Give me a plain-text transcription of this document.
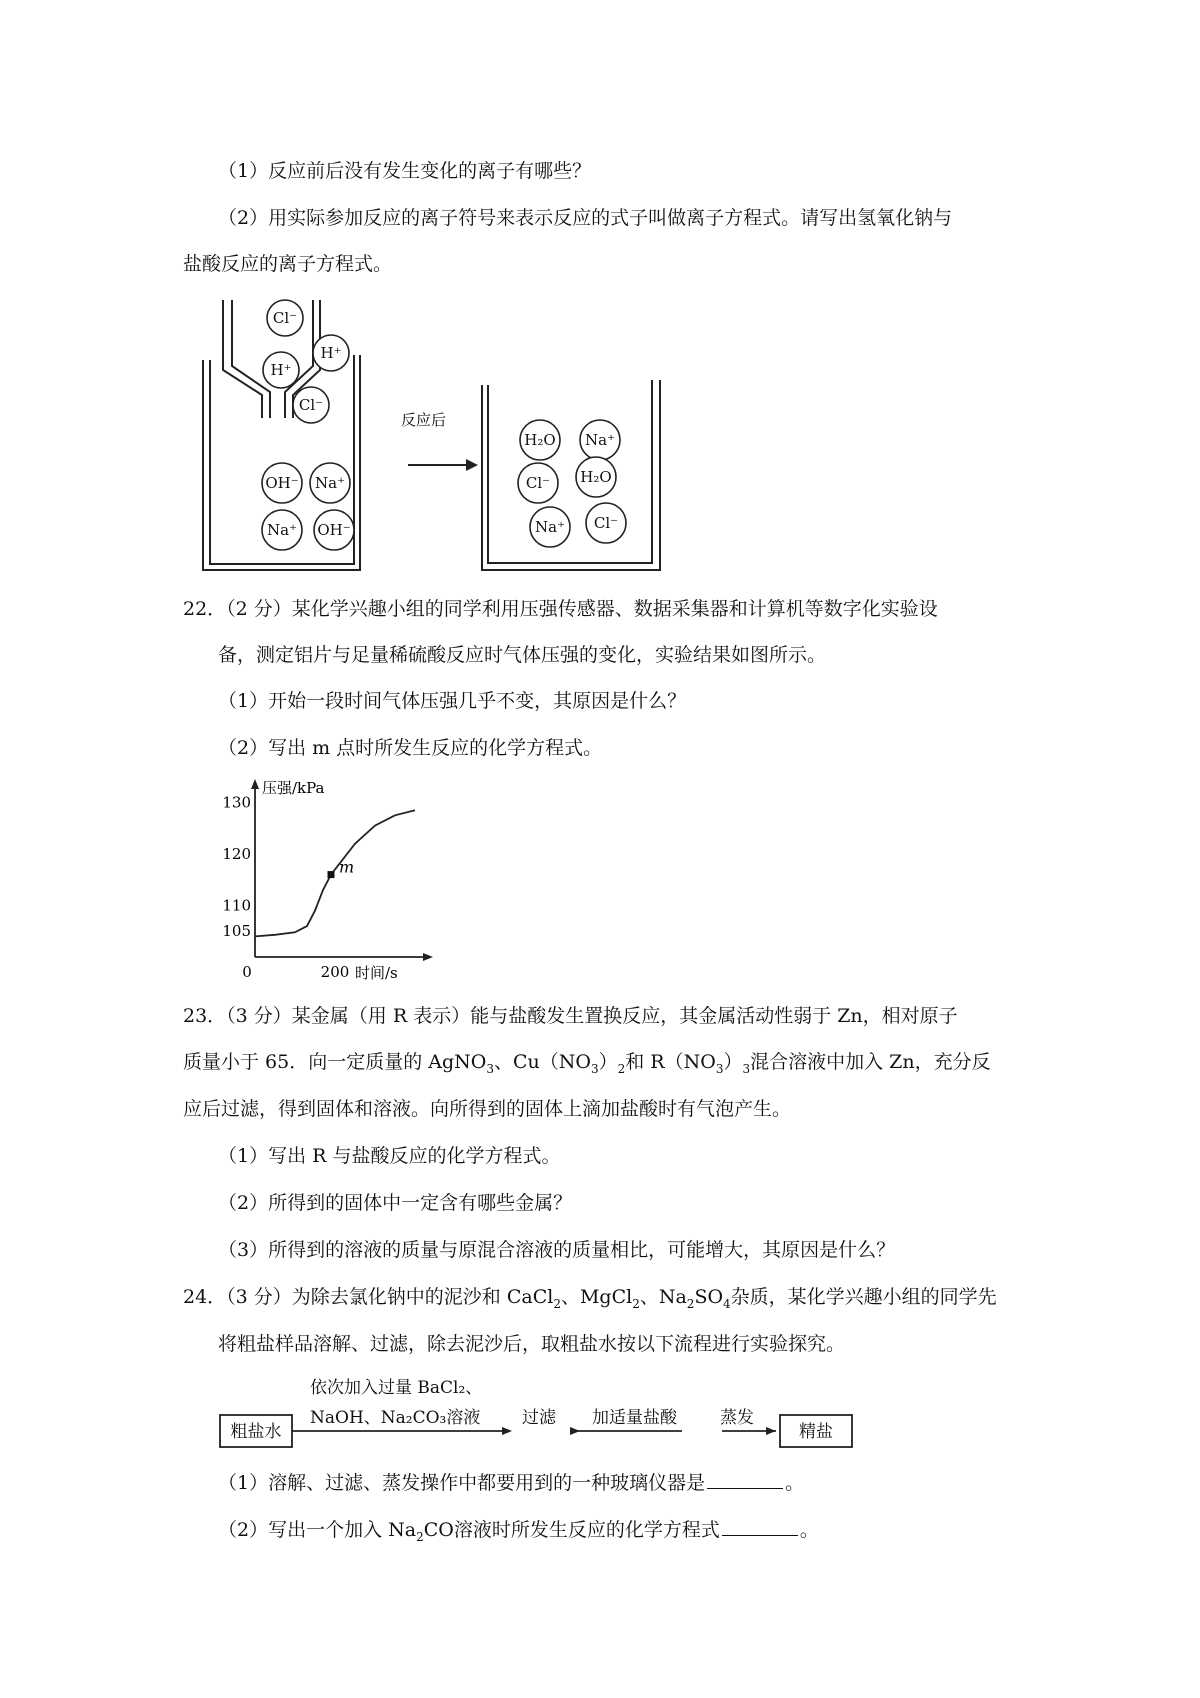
（1）反应前后没有发生变化的离子有哪些？
（2）用实际参加反应的离子符号来表示反应的式子叫做离子方程式。请写出氢氧化钠与
盐酸反应的离子方程式。
反应后
Cl⁻
H⁺
H⁺
Cl⁻
OH⁻ Na⁺
Na⁺ OH⁻
H₂O Na⁺
Cl⁻ H₂O
Na⁺ Cl⁻
22．（2 分）某化学兴趣小组的同学利用压强传感器、数据采集器和计算机等数字化实验设
备，测定铝片与足量稀硫酸反应时气体压强的变化，实验结果如图所示。
（1）开始一段时间气体压强几乎不变，其原因是什么？
（2）写出 m 点时所发生反应的化学方程式。
压强/kPa
时间/s
130
120
110
105
0	200
m
23．（3 分）某金属（用 R 表示）能与盐酸发生置换反应，其金属活动性弱于 Zn，相对原子
质量小于 65．向一定质量的 AgNO$_3$、$Cu(NO_3)_2$和 $R(NO_3)_3$混合溶液中加入 Zn，充分反
应后过滤，得到固体和溶液。向所得到的固体上滴加盐酸时有气泡产生。
（1）写出 R 与盐酸反应的化学方程式。
（2）所得到的固体中一定含有哪些金属？
（3）所得到的溶液的质量与原混合溶液的质量相比，可能增大，其原因是什么？
24．（3 分）为除去氯化钠中的泥沙和 CaCl$_2$、MgCl$_2$、$Na_2SO_4$杂质，某化学兴趣小组的同学先
将粗盐样品溶解、过滤，除去泥沙后，取粗盐水按以下流程进行实验探究。
粗盐水
依次加入过量 BaCl₂、
NaOH、Na₂CO₃溶液 过滤 加适量盐酸	蒸发
精盐
（1）溶解、过滤、蒸发操作中都要用到的一种玻璃仪器是	。
（2）写出一个加入 $Na_2CO$溶液时所发生反应的化学方程式	。
